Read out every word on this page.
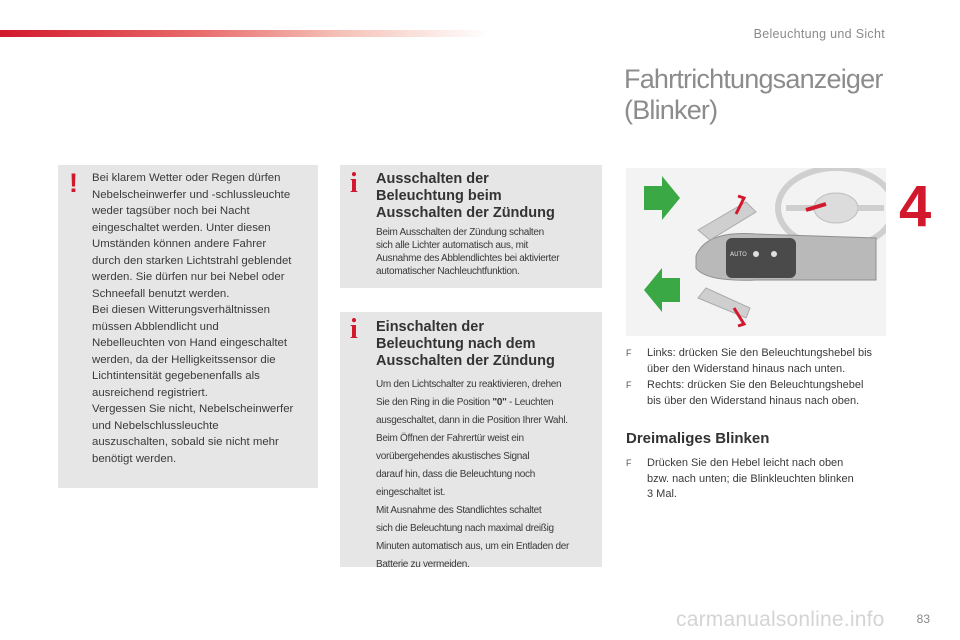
Beleuchtung und Sicht
Fahrtrichtungsanzeiger
(Blinker)
4
! Bei klarem Wetter oder Regen dürfen

Nebelscheinwerfer und -schlussleuchte

weder tagsüber noch bei Nacht

eingeschaltet werden. Unter diesen

Umständen können andere Fahrer

durch den starken Lichtstrahl geblendet

werden. Sie dürfen nur bei Nebel oder

Schneefall benutzt werden.

Bei diesen Witterungsverhältnissen

müssen Abblendlicht und

Nebelleuchten von Hand eingeschaltet

werden, da der Helligkeitssensor die

Lichtintensität gegebenenfalls als

ausreichend registriert.

Vergessen Sie nicht, Nebelscheinwerfer

und Nebelschlussleuchte

auszuschalten, sobald sie nicht mehr

benötigt werden.

i Ausschalten der
Beleuchtung beim
Ausschalten der Zündung
Beim Ausschalten der Zündung schalten
sich alle Lichter automatisch aus, mit
Ausnahme des Abblendlichtes bei aktivierter
automatischer Nachleuchtfunktion.
i Einschalten der
Beleuchtung nach dem
Ausschalten der Zündung

Um den Lichtschalter zu reaktivieren, drehen

Sie den Ring in die Position "0" - Leuchten

ausgeschaltet, dann in die Position Ihrer Wahl.

Beim Öffnen der Fahrertür weist ein

vorübergehendes akustisches Signal

darauf hin, dass die Beleuchtung noch

eingeschaltet ist.

Mit Ausnahme des Standlichtes schaltet

sich die Beleuchtung nach maximal dreißig

Minuten automatisch aus, um ein Entladen der

Batterie zu vermeiden.

AUTO
F Links: drücken Sie den Beleuchtungshebel bis
über den Widerstand hinaus nach unten.
F Rechts: drücken Sie den Beleuchtungshebel
bis über den Widerstand hinaus nach oben.
Dreimaliges Blinken
F Drücken Sie den Hebel leicht nach oben
bzw. nach unten; die Blinkleuchten blinken
3 Mal.
carmanualsonline.info	83
